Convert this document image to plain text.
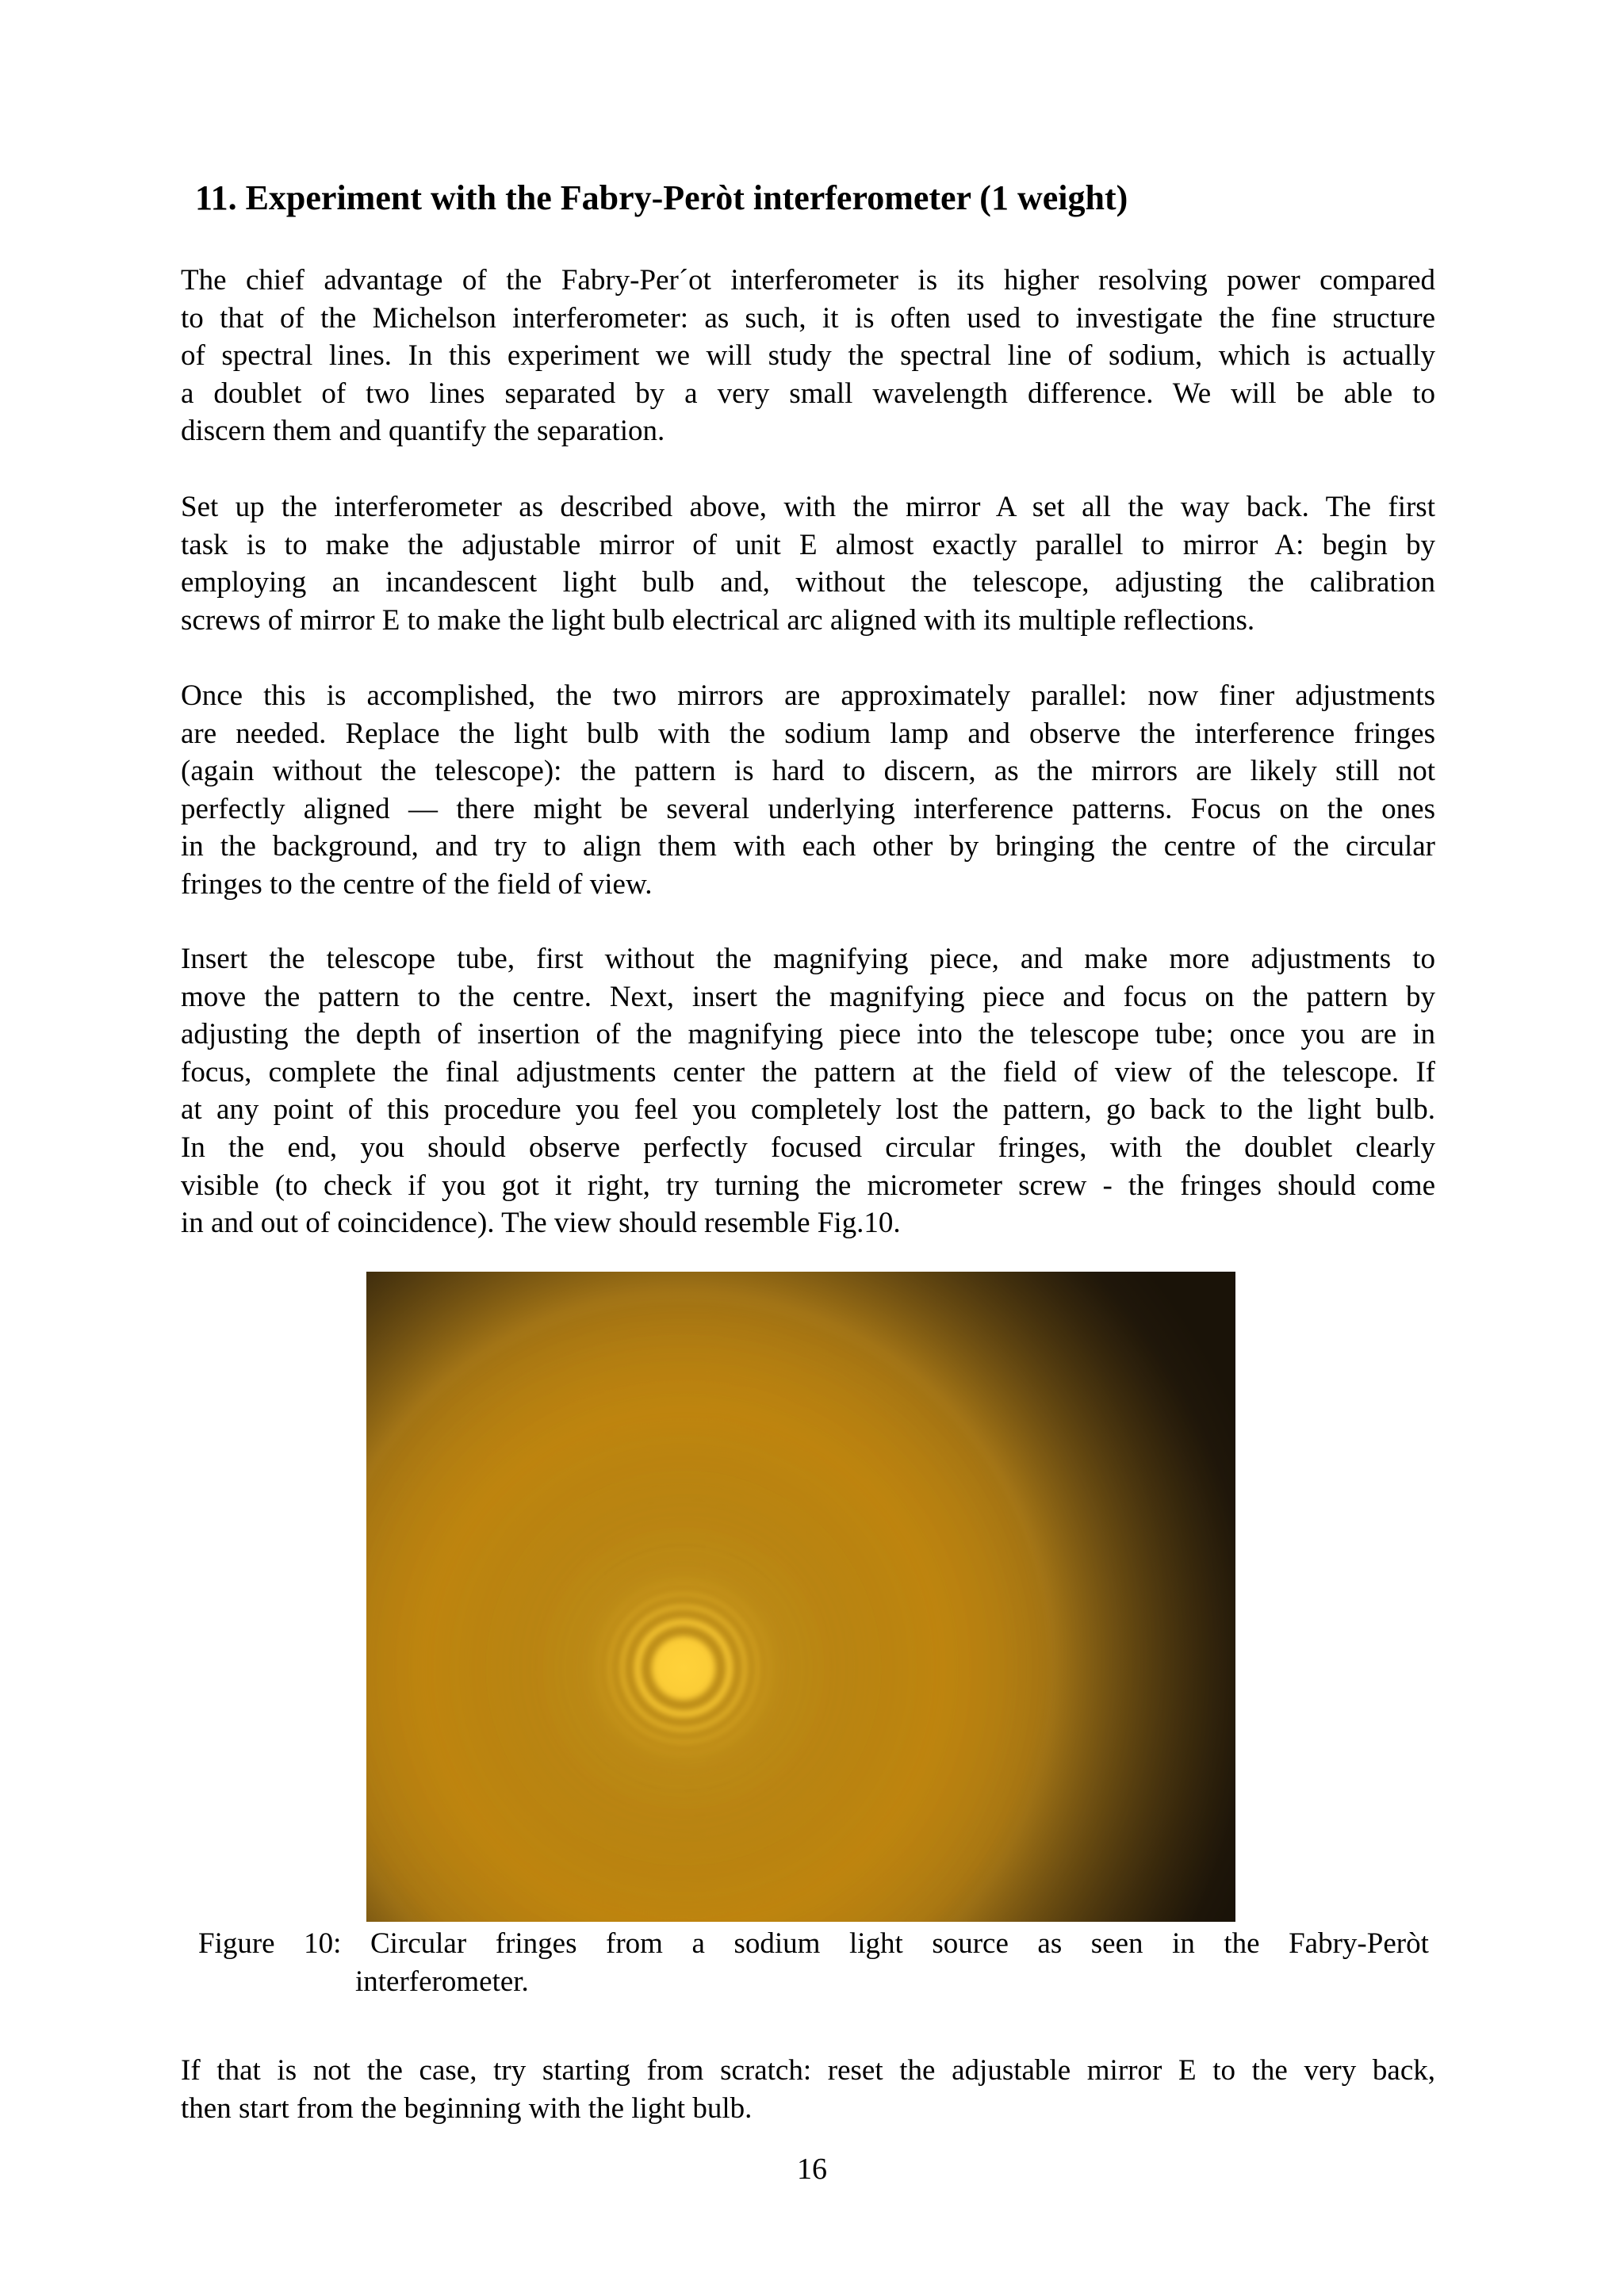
11. Experiment with the Fabry-Peròt interferometer (1 weight)
The chief advantage of the Fabry-Per´ot interferometer is its higher resolving power compared
to that of the Michelson interferometer: as such, it is often used to investigate the fine structure
of spectral lines. In this experiment we will study the spectral line of sodium, which is actually
a doublet of two lines separated by a very small wavelength difference. We will be able to
discern them and quantify the separation.
Set up the interferometer as described above, with the mirror A set all the way back. The first
task is to make the adjustable mirror of unit E almost exactly parallel to mirror A: begin by
employing an incandescent light bulb and, without the telescope, adjusting the calibration
screws of mirror E to make the light bulb electrical arc aligned with its multiple reflections.
Once this is accomplished, the two mirrors are approximately parallel: now finer adjustments
are needed. Replace the light bulb with the sodium lamp and observe the interference fringes
(again without the telescope): the pattern is hard to discern, as the mirrors are likely still not
perfectly aligned — there might be several underlying interference patterns. Focus on the ones
in the background, and try to align them with each other by bringing the centre of the circular
fringes to the centre of the field of view.
Insert the telescope tube, first without the magnifying piece, and make more adjustments to
move the pattern to the centre. Next, insert the magnifying piece and focus on the pattern by
adjusting the depth of insertion of the magnifying piece into the telescope tube; once you are in
focus, complete the final adjustments center the pattern at the field of view of the telescope. If
at any point of this procedure you feel you completely lost the pattern, go back to the light bulb.
In the end, you should observe perfectly focused circular fringes, with the doublet clearly
visible (to check if you got it right, try turning the micrometer screw - the fringes should come
in and out of coincidence). The view should resemble Fig.10.
Figure 10: Circular fringes from a sodium light source as seen in the Fabry-Peròt
interferometer.
If that is not the case, try starting from scratch: reset the adjustable mirror E to the very back,
then start from the beginning with the light bulb.
16
